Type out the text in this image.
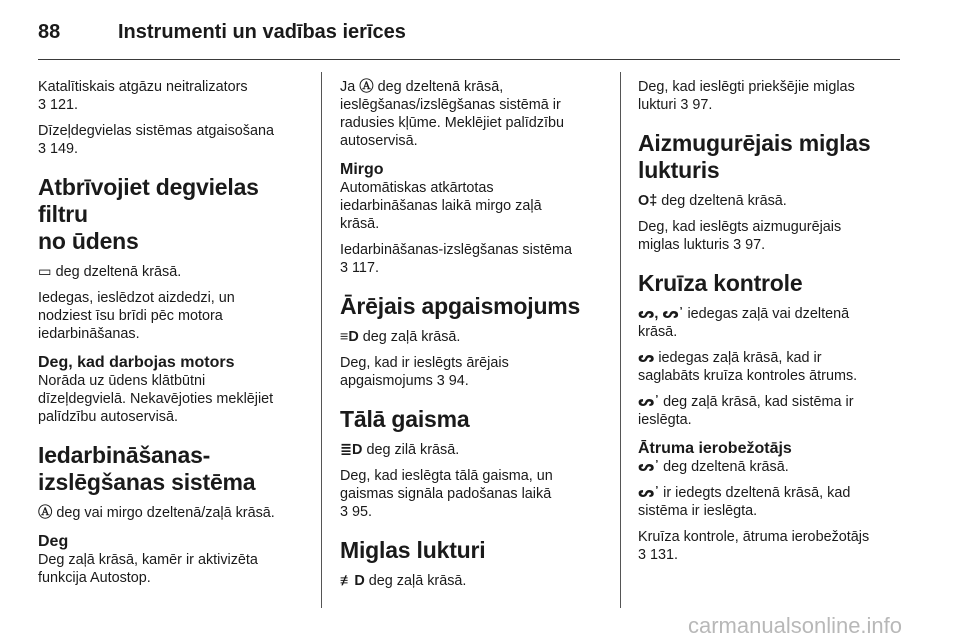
88	Instrumenti un vadības ierīces

Katalītiskais atgāzu neitralizators
3 121.

Dīzeļdegvielas sistēmas atgaisošana
3 149.

Atbrīvojiet degvielas filtru
no ūdens

▭ deg dzeltenā krāsā.

Iedegas, ieslēdzot aizdedzi, un
nodziest īsu brīdi pēc motora
iedarbināšanas.

Deg, kad darbojas motors

Norāda uz ūdens klātbūtni
dīzeļdegvielā. Nekavējoties meklējiet
palīdzību autoservisā.

Iedarbināšanas-
izslēgšanas sistēma

Ⓐ deg vai mirgo dzeltenā/zaļā krāsā.

Deg

Deg zaļā krāsā, kamēr ir aktivizēta
funkcija Autostop.

Ja Ⓐ deg dzeltenā krāsā,
ieslēgšanas/izslēgšanas sistēmā ir
radusies kļūme. Meklējiet palīdzību
autoservisā.

Mirgo

Automātiskas atkārtotas
iedarbināšanas laikā mirgo zaļā
krāsā.

Iedarbināšanas-izslēgšanas sistēma
3 117.

Ārējais apgaismojums

≡D deg zaļā krāsā.

Deg, kad ir ieslēgts ārējais
apgaismojums 3 94.

Tālā gaisma

≣D deg zilā krāsā.

Deg, kad ieslēgta tālā gaisma, un
gaismas signāla padošanas laikā
3 95.

Miglas lukturi

≢D deg zaļā krāsā.

Deg, kad ieslēgti priekšējie miglas
lukturi 3 97.

Aizmugurējais miglas
lukturis

O‡ deg dzeltenā krāsā.

Deg, kad ieslēgts aizmugurējais
miglas lukturis 3 97.

Kruīza kontrole

ᔕ, ᔕ᾿ iedegas zaļā vai dzeltenā
krāsā.

ᔕ iedegas zaļā krāsā, kad ir
saglabāts kruīza kontroles ātrums.

ᔕ᾿ deg zaļā krāsā, kad sistēma ir
ieslēgta.

Ātruma ierobežotājs

ᔕ᾿ deg dzeltenā krāsā.

ᔕ᾿ ir iedegts dzeltenā krāsā, kad
sistēma ir ieslēgta.

Kruīza kontrole, ātruma ierobežotājs
3 131.

carmanualsonline.info
